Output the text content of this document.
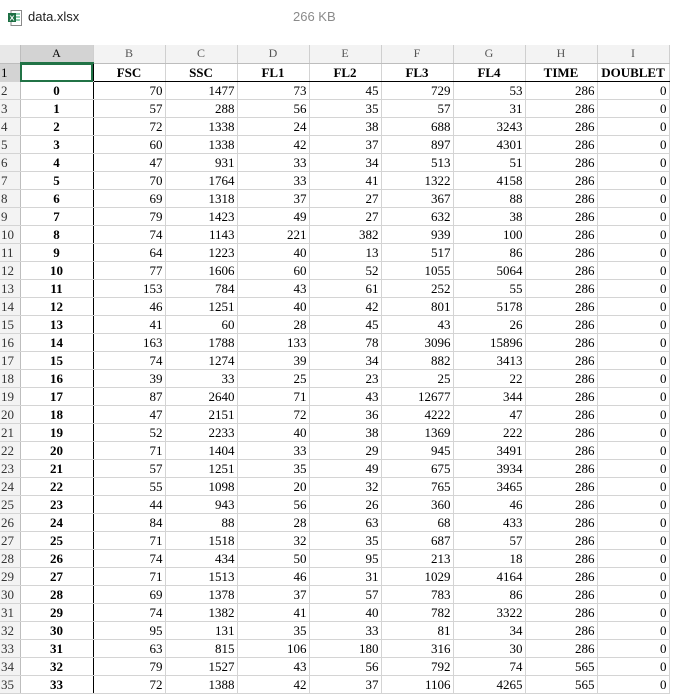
X data.xlsx	266 KB
	A	B	C	D	E	F	G	H	I
1		FSC	SSC	FL1	FL2	FL3	FL4	TIME	DOUBLET
2	0	70	1477	73	45	729	53	286	0
3	1	57	288	56	35	57	31	286	0
4	2	72	1338	24	38	688	3243	286	0
5	3	60	1338	42	37	897	4301	286	0
6	4	47	931	33	34	513	51	286	0
7	5	70	1764	33	41	1322	4158	286	0
8	6	69	1318	37	27	367	88	286	0
9	7	79	1423	49	27	632	38	286	0
10	8	74	1143	221	382	939	100	286	0
11	9	64	1223	40	13	517	86	286	0
12	10	77	1606	60	52	1055	5064	286	0
13	11	153	784	43	61	252	55	286	0
14	12	46	1251	40	42	801	5178	286	0
15	13	41	60	28	45	43	26	286	0
16	14	163	1788	133	78	3096	15896	286	0
17	15	74	1274	39	34	882	3413	286	0
18	16	39	33	25	23	25	22	286	0
19	17	87	2640	71	43	12677	344	286	0
20	18	47	2151	72	36	4222	47	286	0
21	19	52	2233	40	38	1369	222	286	0
22	20	71	1404	33	29	945	3491	286	0
23	21	57	1251	35	49	675	3934	286	0
24	22	55	1098	20	32	765	3465	286	0
25	23	44	943	56	26	360	46	286	0
26	24	84	88	28	63	68	433	286	0
27	25	71	1518	32	35	687	57	286	0
28	26	74	434	50	95	213	18	286	0
29	27	71	1513	46	31	1029	4164	286	0
30	28	69	1378	37	57	783	86	286	0
31	29	74	1382	41	40	782	3322	286	0
32	30	95	131	35	33	81	34	286	0
33	31	63	815	106	180	316	30	286	0
34	32	79	1527	43	56	792	74	565	0
35	33	72	1388	42	37	1106	4265	565	0
